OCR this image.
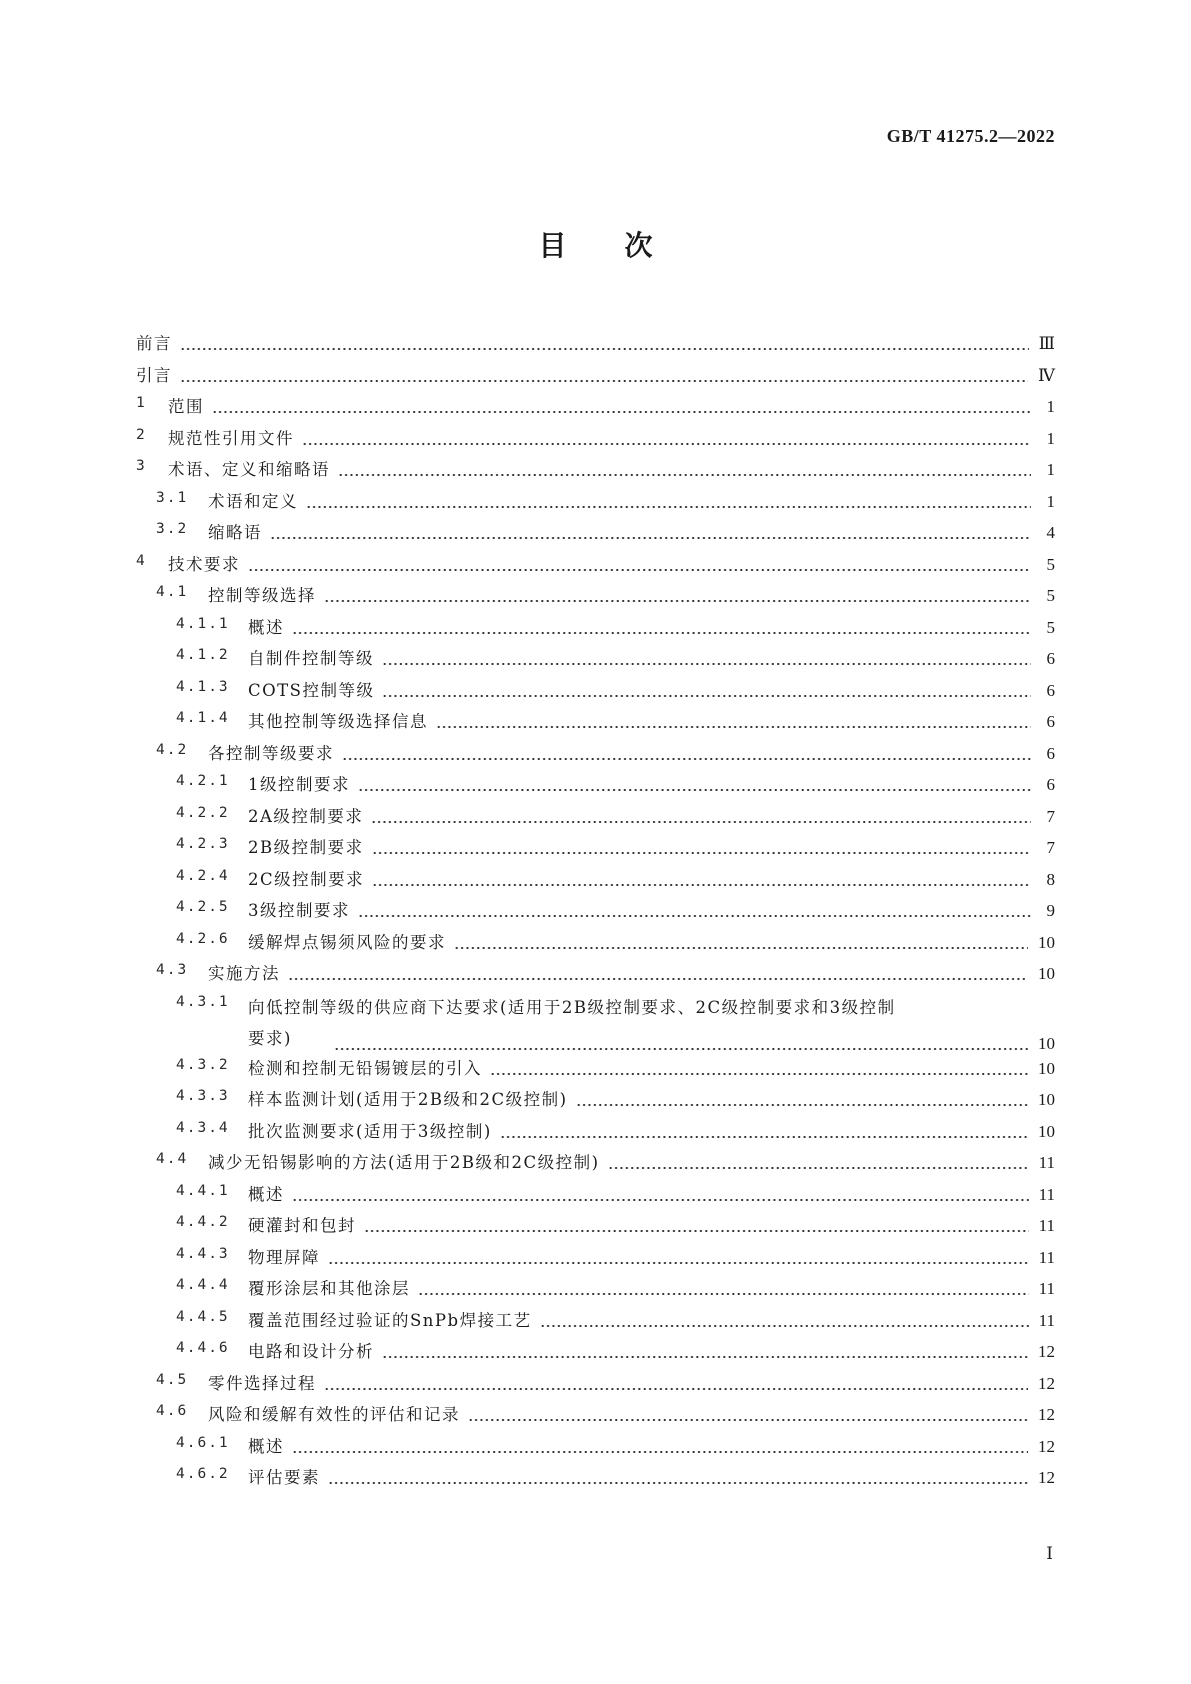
GB/T 41275.2—2022
目 次
前言	Ⅲ
引言	Ⅳ
1 范围	1
2 规范性引用文件	1
3 术语、定义和缩略语	1
3.1 术语和定义	1
3.2 缩略语	4
4 技术要求	5
4.1 控制等级选择	5
4.1.1 概述	5
4.1.2 自制件控制等级	6
4.1.3 COTS控制等级	6
4.1.4 其他控制等级选择信息	6
4.2 各控制等级要求	6
4.2.1 1级控制要求	6
4.2.2 2A级控制要求	7
4.2.3 2B级控制要求	7
4.2.4 2C级控制要求	8
4.2.5 3级控制要求	9
4.2.6 缓解焊点锡须风险的要求	10
4.3 实施方法	10
4.3.1 向低控制等级的供应商下达要求(适用于2B级控制要求、2C级控制要求和3级控制
要求)	10
4.3.2 检测和控制无铅锡镀层的引入	10
4.3.3 样本监测计划(适用于2B级和2C级控制)	10
4.3.4 批次监测要求(适用于3级控制)	10
4.4 减少无铅锡影响的方法(适用于2B级和2C级控制)	11
4.4.1 概述	11
4.4.2 硬灌封和包封	11
4.4.3 物理屏障	11
4.4.4 覆形涂层和其他涂层	11
4.4.5 覆盖范围经过验证的SnPb焊接工艺	11
4.4.6 电路和设计分析	12
4.5 零件选择过程	12
4.6 风险和缓解有效性的评估和记录	12
4.6.1 概述	12
4.6.2 评估要素	12
Ⅰ
